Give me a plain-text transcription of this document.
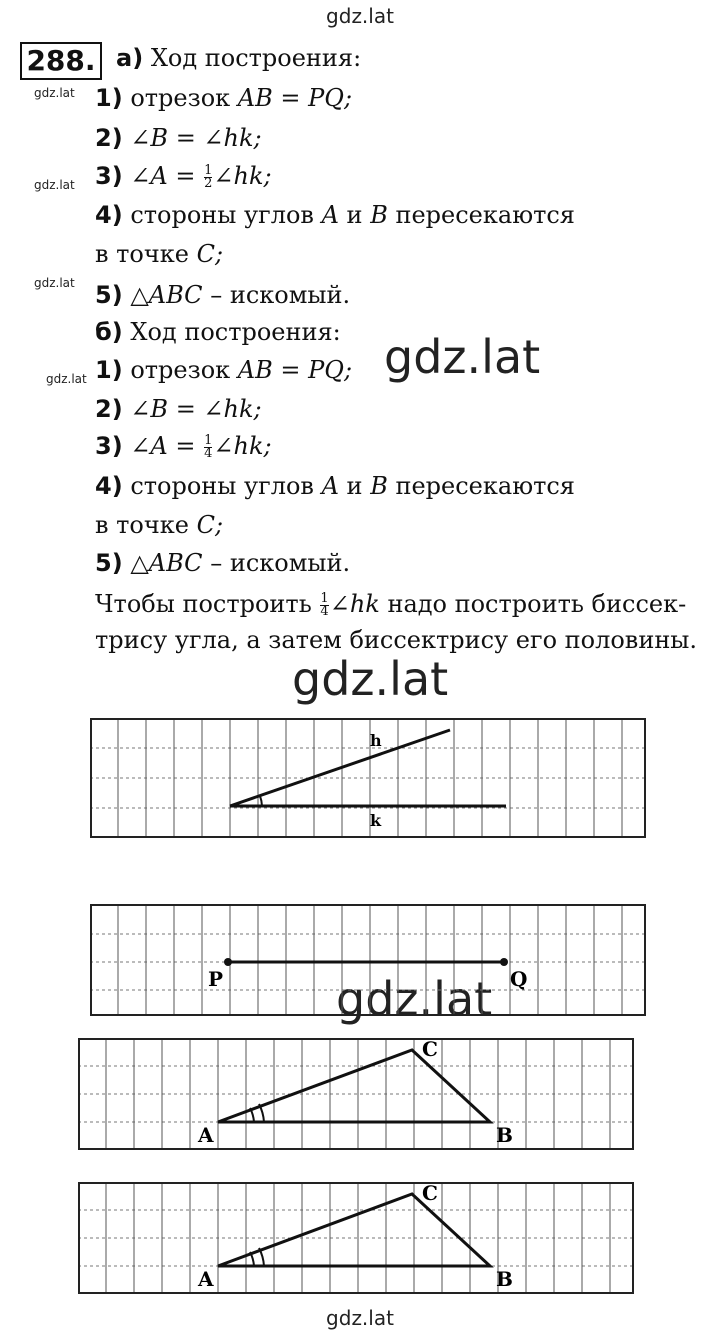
gdz.lat
gdz.lat
gdz.lat
gdz.lat
gdz.lat	gdz.lat
gdz.lat
gdz.lat
gdz.lat
288. а) Ход построения:
1) отрезок AB = PQ;
2) ∠B = ∠hk;
3) ∠A = $\frac{1}{2}$ ∠hk;
4) стороны углов A и B пересекаются
в точке C;
5) △ABC – искомый.
б) Ход построения:
1) отрезок AB = PQ;
2) ∠B = ∠hk;
3) ∠A = $\frac{1}{4}$ ∠hk;
4) стороны углов A и B пересекаются
в точке C;
5) △ABC – искомый.
Чтобы построить $\frac{1}{4}$ ∠hk надо построить биссек-
трису угла, а затем биссектрису его половины.
h
k
P	Q
A	B
C
A	B
C
